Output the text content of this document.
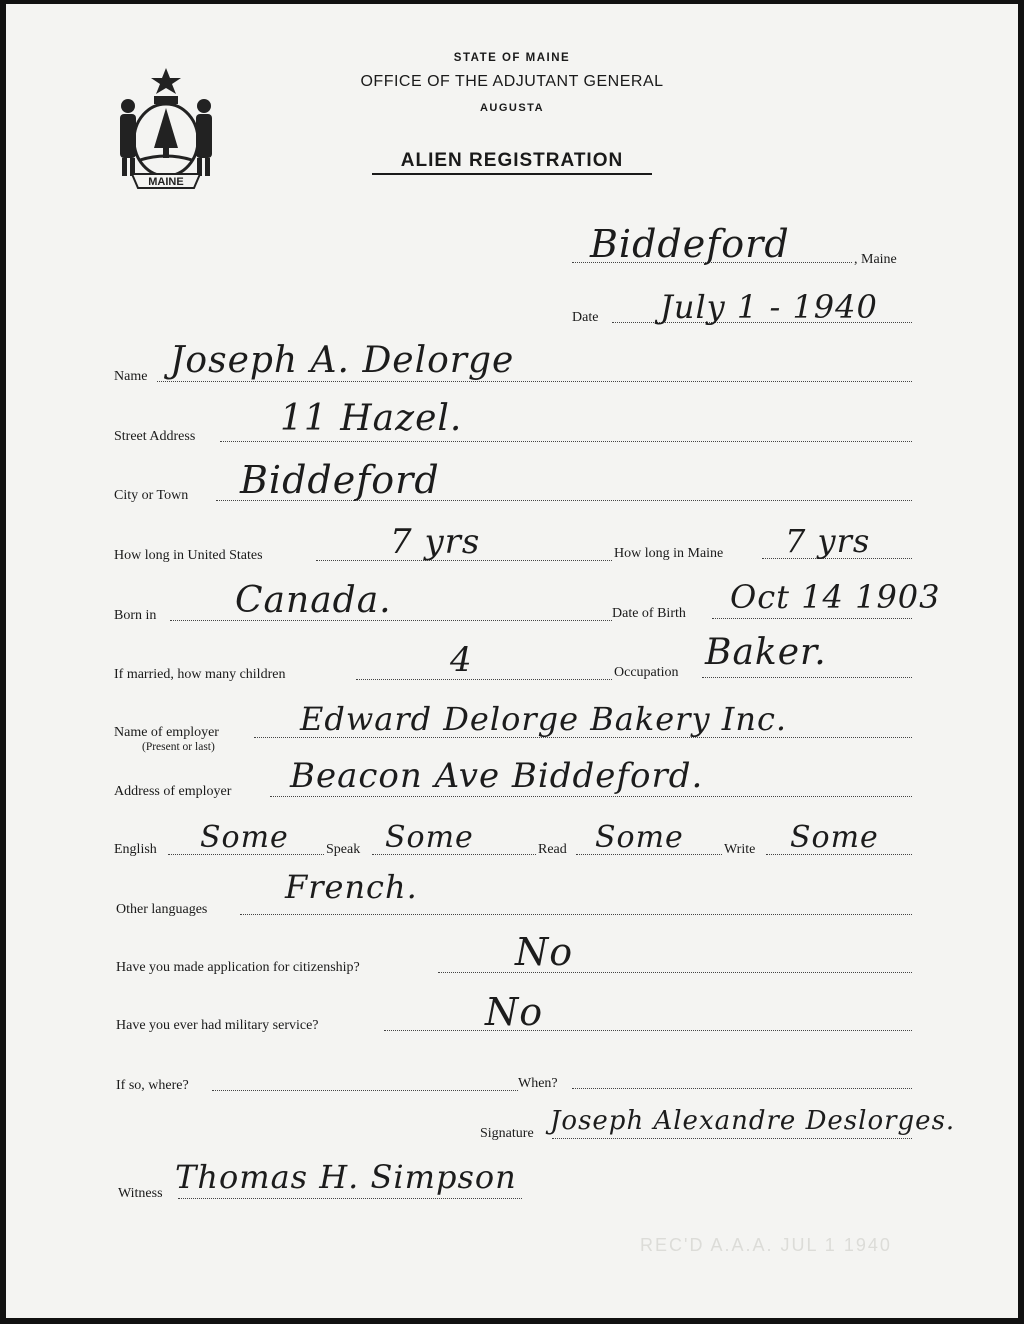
STATE OF MAINE
OFFICE OF THE ADJUTANT GENERAL
AUGUSTA
ALIEN REGISTRATION
MAINE
, Maine
Biddeford
Date July 1 - 1940
Name Joseph A. Delorge
Street Address 11 Hazel.
City or Town Biddeford
How long in United States	7 yrs	How long in Maine 7 yrs
Born in Canada.	Date of Birth Oct 14 1903
If married, how many children	4	Occupation Baker.
Name of employer
(Present or last)
Edward Delorge Bakery Inc.
Address of employer Beacon Ave Biddeford.
English Some	Speak Some	Read Some	Write Some
Other languages
French.
Have you made application for citizenship?	No
Have you ever had military service?	No
If so, where?	When?
Signature Joseph Alexandre Deslorges.
Witness Thomas H. Simpson
REC'D A.A.A. JUL 1 1940
